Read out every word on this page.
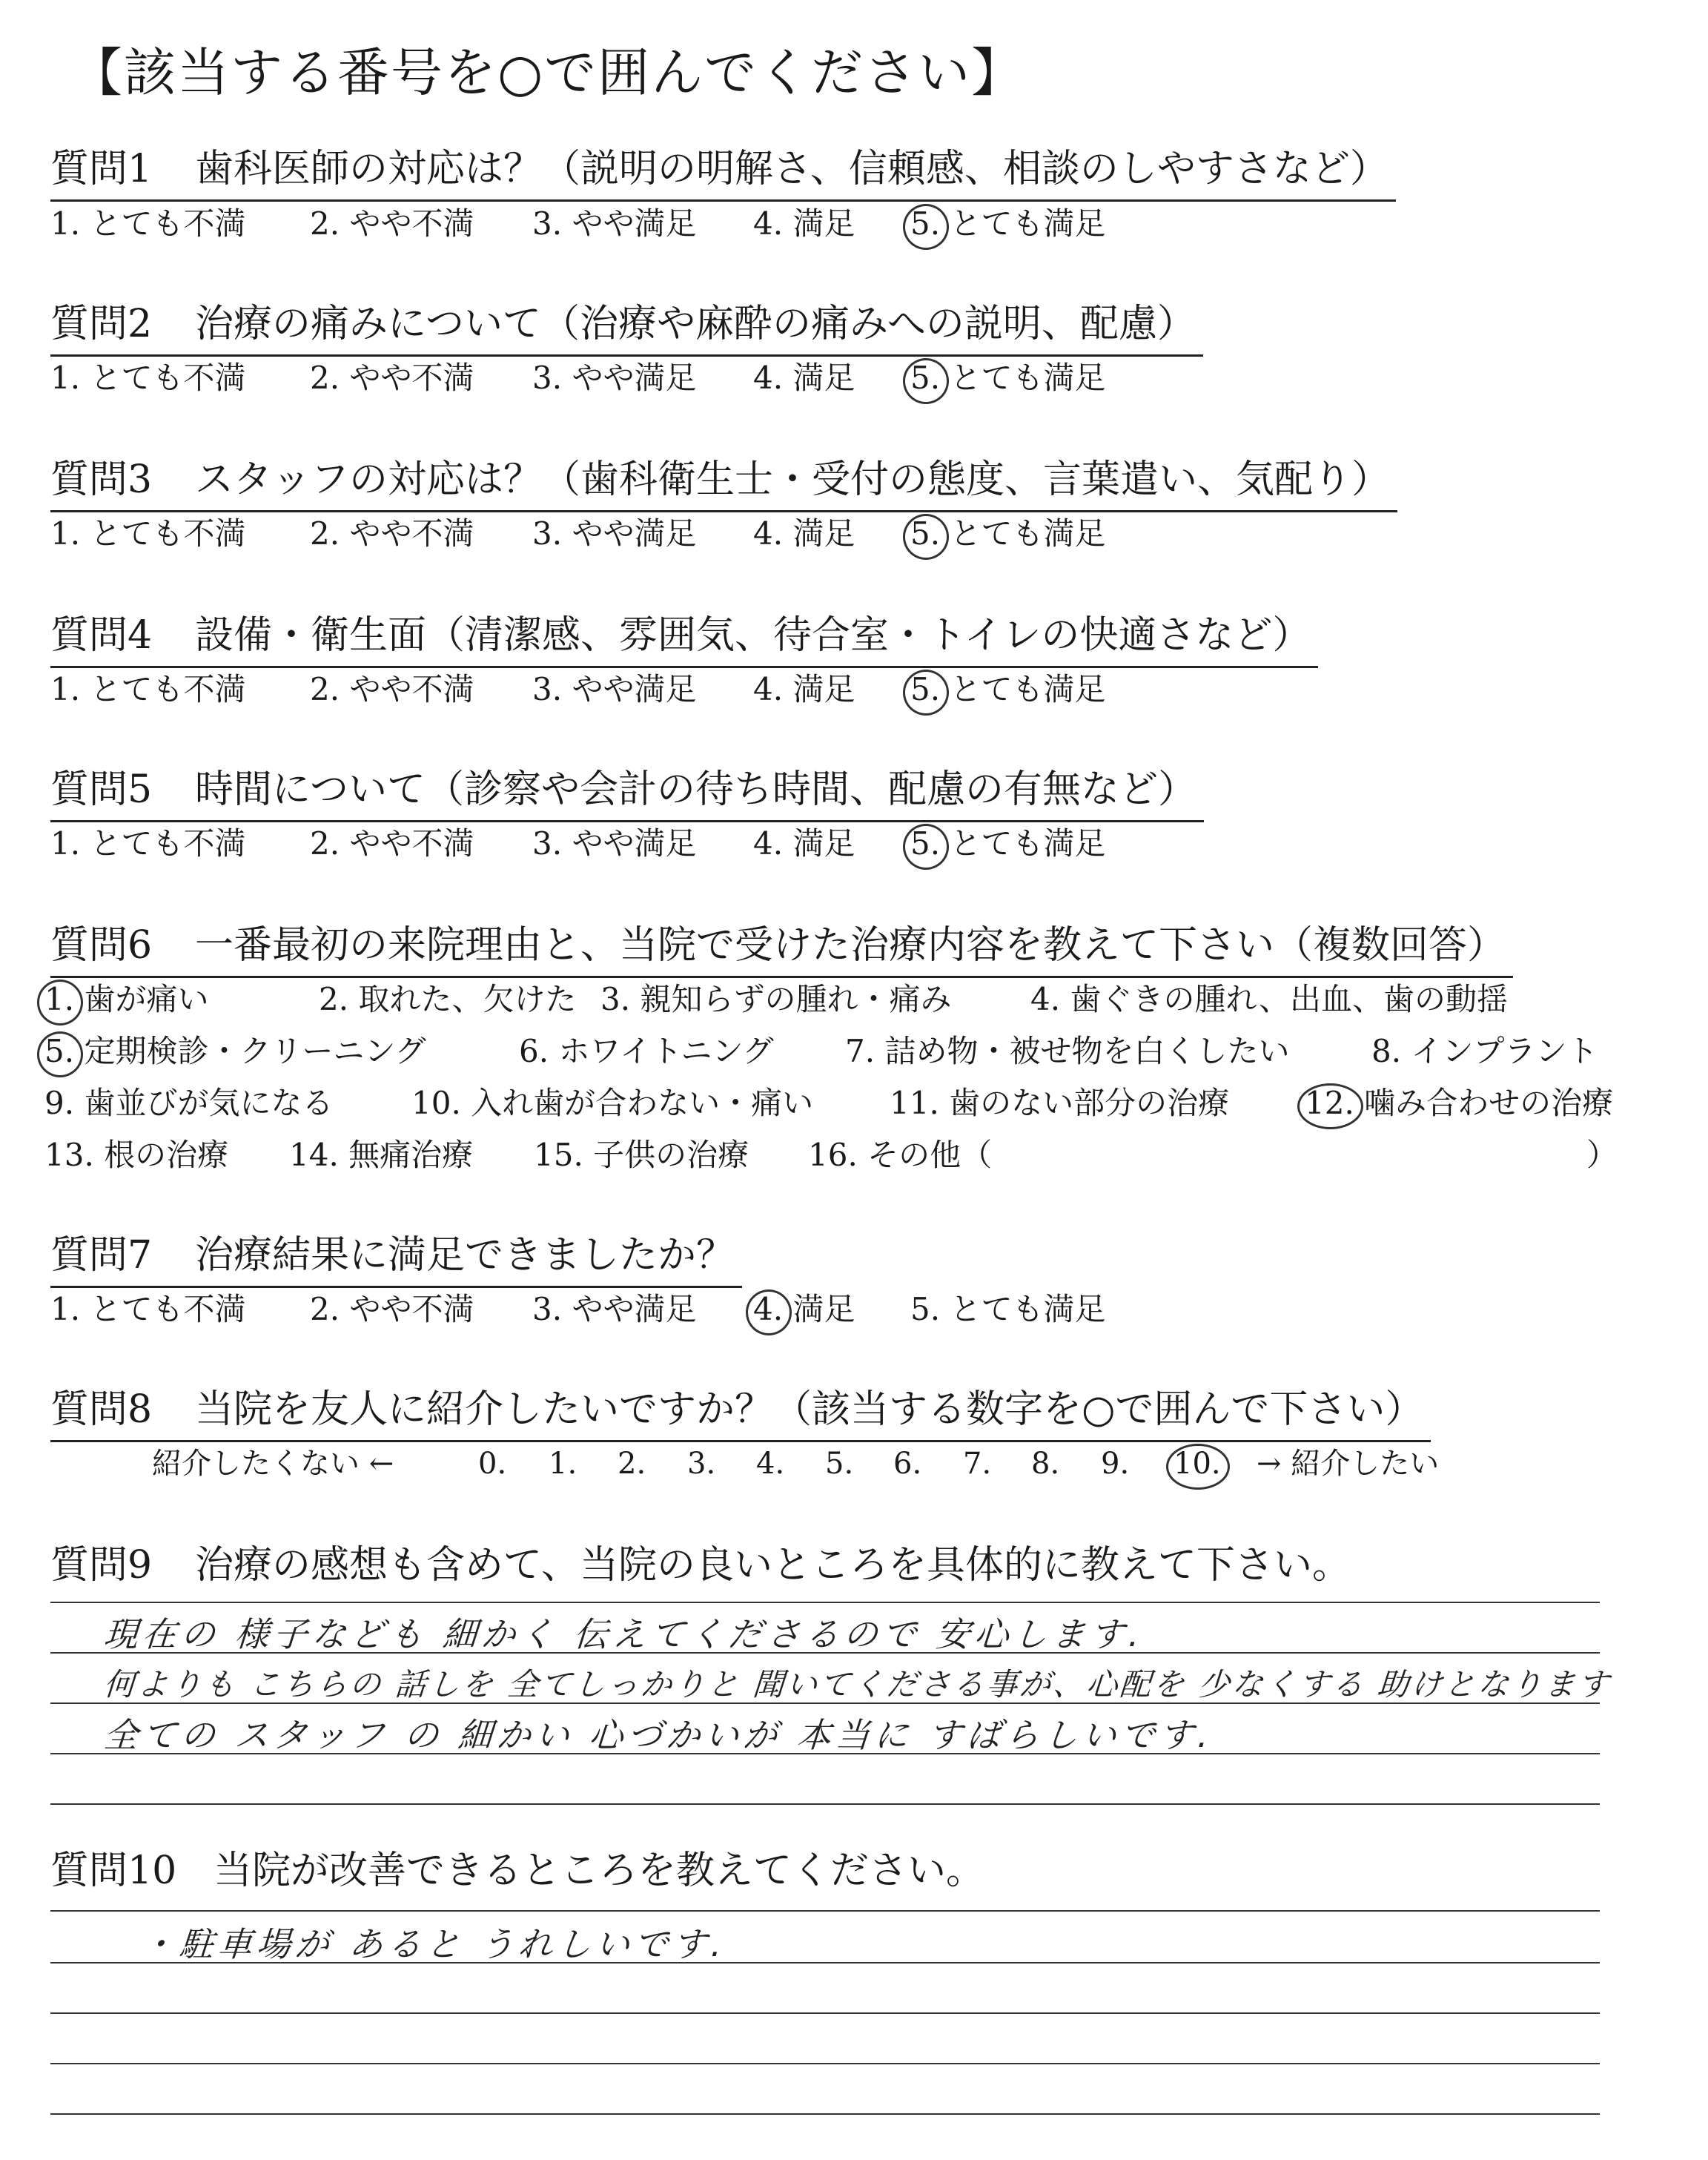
【該当する番号を○で囲んでください】
質問1 歯科医師の対応は？（説明の明解さ、信頼感、相談のしやすさなど）
1. とても不満 2. やや不満 3. やや満足 4. 満足 5. とても満足
質問2 治療の痛みについて（治療や麻酔の痛みへの説明、配慮）
1. とても不満 2. やや不満 3. やや満足 4. 満足 5. とても満足
質問3 スタッフの対応は？（歯科衛生士・受付の態度、言葉遣い、気配り）
1. とても不満 2. やや不満 3. やや満足 4. 満足 5. とても満足
質問4 設備・衛生面（清潔感、雰囲気、待合室・トイレの快適さなど）
1. とても不満 2. やや不満 3. やや満足 4. 満足 5. とても満足
質問5 時間について（診察や会計の待ち時間、配慮の有無など）
1. とても不満 2. やや不満 3. やや満足 4. 満足 5. とても満足
質問6 一番最初の来院理由と、当院で受けた治療内容を教えて下さい（複数回答）
1. 歯が痛い	2. 取れた、欠けた 3. 親知らずの腫れ・痛み	4. 歯ぐきの腫れ、出血、歯の動揺
5. 定期検診・クリーニング	6. ホワイトニング 7. 詰め物・被せ物を白くしたい	8. インプラント
9. 歯並びが気になる	10. 入れ歯が合わない・痛い 11. 歯のない部分の治療 12. 噛み合わせの治療
13. 根の治療 14. 無痛治療 15. 子供の治療 16. その他（	）
質問7 治療結果に満足できましたか？
1. とても不満 2. やや不満 3. やや満足 4. 満足 5. とても満足
質問8 当院を友人に紹介したいですか？（該当する数字を○で囲んで下さい）
紹介したくない ←	0. 1. 2. 3. 4. 5. 6. 7. 8. 9. 10. → 紹介したい
質問9 治療の感想も含めて、当院の良いところを具体的に教えて下さい。
現在の 様子なども 細かく 伝えてくださるので 安心します.
何よりも こちらの 話しを 全てしっかりと 聞いてくださる事が、心配を 少なくする 助けとなります
全ての スタッフ の 細かい 心づかいが 本当に すばらしいです.
質問10 当院が改善できるところを教えてください。
・駐車場が あると うれしいです.
